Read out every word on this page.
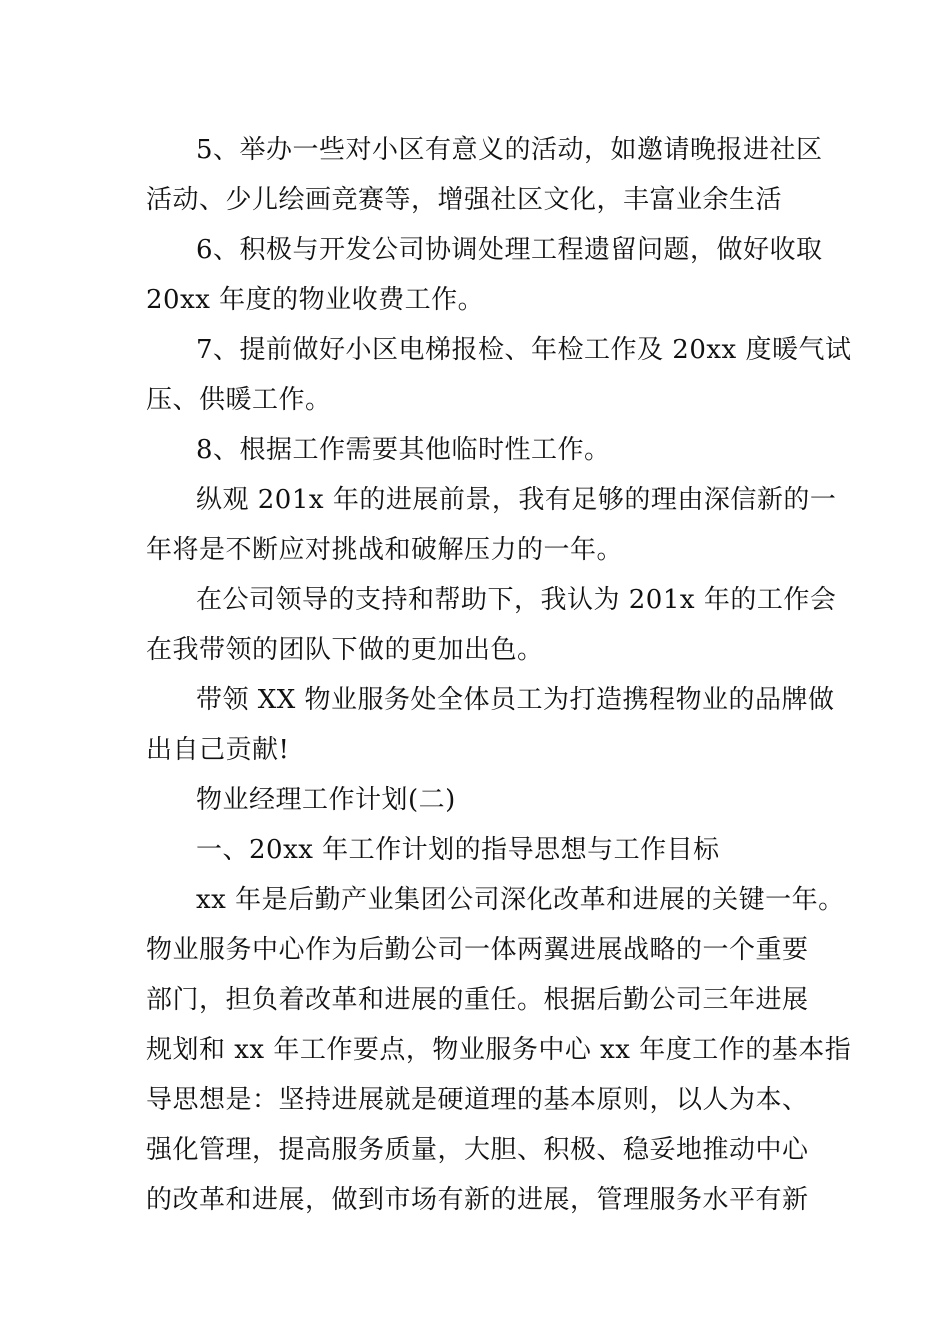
5、举办一些对小区有意义的活动，如邀请晚报进社区
活动、少儿绘画竞赛等，增强社区文化，丰富业余生活
6、积极与开发公司协调处理工程遗留问题，做好收取
20xx 年度的物业收费工作。
7、提前做好小区电梯报检、年检工作及 20xx 度暖气试
压、供暖工作。
8、根据工作需要其他临时性工作。
纵观 201x 年的进展前景，我有足够的理由深信新的一
年将是不断应对挑战和破解压力的一年。
在公司领导的支持和帮助下，我认为 201x 年的工作会
在我带领的团队下做的更加出色。
带领 XX 物业服务处全体员工为打造携程物业的品牌做
出自己贡献!
物业经理工作计划(二)
一、20xx 年工作计划的指导思想与工作目标
xx 年是后勤产业集团公司深化改革和进展的关键一年。
物业服务中心作为后勤公司一体两翼进展战略的一个重要
部门，担负着改革和进展的重任。根据后勤公司三年进展
规划和 xx 年工作要点，物业服务中心 xx 年度工作的基本指
导思想是：坚持进展就是硬道理的基本原则，以人为本、
强化管理，提高服务质量，大胆、积极、稳妥地推动中心
的改革和进展，做到市场有新的进展，管理服务水平有新
